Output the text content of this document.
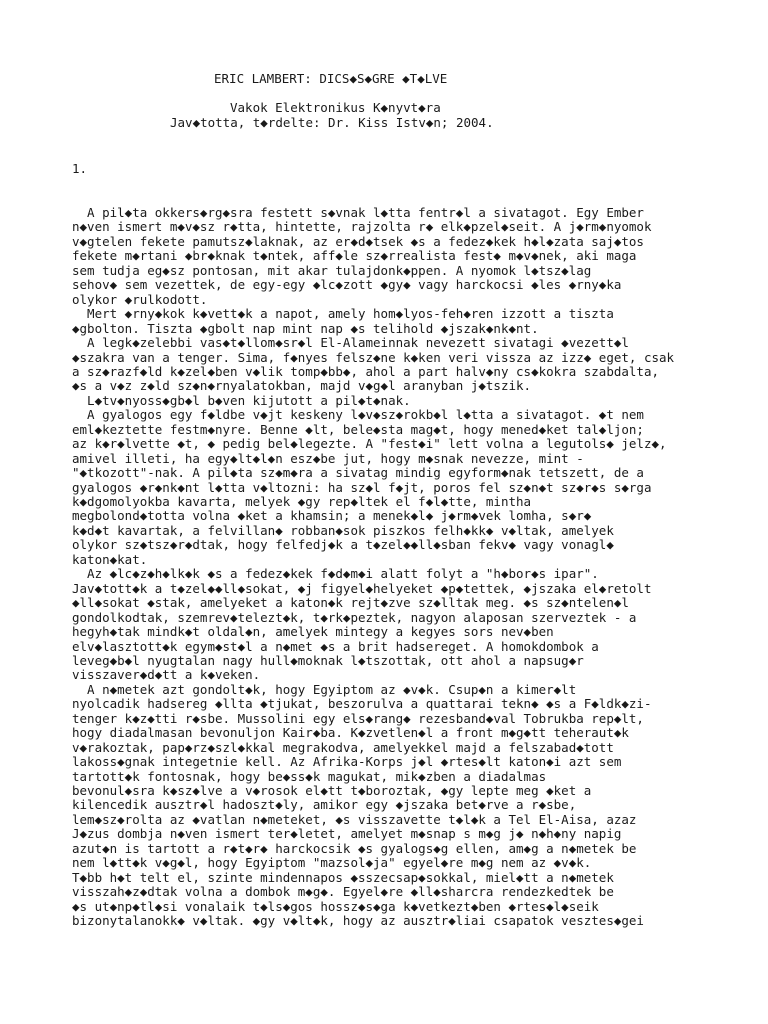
ERIC LAMBERT: DICS◆S◆GRE ◆T◆LVE
Vakok Elektronikus K◆nyvt◆ra
Jav◆totta, t◆rdelte: Dr. Kiss Istv◆n; 2004.
1.
A pil◆ta okkers◆rg◆sra festett s◆vnak l◆tta fentr◆l a sivatagot. Egy Ember
n◆ven ismert m◆v◆sz r◆tta, hintette, rajzolta r◆ elk◆pzel◆seit. A j◆rm◆nyomok
v◆gtelen fekete pamutsz◆laknak, az er◆d◆tsek ◆s a fedez◆kek h◆l◆zata saj◆tos
fekete m◆rtani ◆br◆knak t◆ntek, aff◆le sz◆rrealista fest◆ m◆v◆nek, aki maga
sem tudja eg◆sz pontosan, mit akar tulajdonk◆ppen. A nyomok l◆tsz◆lag
sehov◆ sem vezettek, de egy-egy ◆lc◆zott ◆gy◆ vagy harckocsi ◆les ◆rny◆ka
olykor ◆rulkodott.
Mert ◆rny◆kok k◆vett◆k a napot, amely hom◆lyos-feh◆ren izzott a tiszta
◆gbolton. Tiszta ◆gbolt nap mint nap ◆s telihold ◆jszak◆nk◆nt.
A legk◆zelebbi vas◆t◆llom◆sr◆l El-Alameinnak nevezett sivatagi ◆vezett◆l
◆szakra van a tenger. Sima, f◆nyes felsz◆ne k◆ken veri vissza az izz◆ eget, csak
a sz◆razf◆ld k◆zel◆ben v◆lik tomp◆bb◆, ahol a part halv◆ny cs◆kokra szabdalta,
◆s a v◆z z◆ld sz◆n◆rnyalatokban, majd v◆g◆l aranyban j◆tszik.
L◆tv◆nyoss◆gb◆l b◆ven kijutott a pil◆t◆nak.
A gyalogos egy f◆ldbe v◆jt keskeny l◆v◆sz◆rokb◆l l◆tta a sivatagot. ◆t nem
eml◆keztette festm◆nyre. Benne ◆lt, bele◆sta mag◆t, hogy mened◆ket tal◆ljon;
az k◆r◆lvette ◆t, ◆ pedig bel◆legezte. A "fest◆i" lett volna a legutols◆ jelz◆,
amivel illeti, ha egy◆lt◆l◆n esz◆be jut, hogy m◆snak nevezze, mint -
"◆tkozott"-nak. A pil◆ta sz◆m◆ra a sivatag mindig egyform◆nak tetszett, de a
gyalogos ◆r◆nk◆nt l◆tta v◆ltozni: ha sz◆l f◆jt, poros fel sz◆n◆t sz◆r◆s s◆rga
k◆dgomolyokba kavarta, melyek ◆gy rep◆ltek el f◆l◆tte, mintha
megbolond◆totta volna ◆ket a khamsin; a menek◆l◆ j◆rm◆vek lomha, s◆r◆
k◆d◆t kavartak, a felvillan◆ robban◆sok piszkos felh◆kk◆ v◆ltak, amelyek
olykor sz◆tsz◆r◆dtak, hogy felfedj◆k a t◆zel◆◆ll◆sban fekv◆ vagy vonagl◆
katon◆kat.
Az ◆lc◆z◆h◆lk◆k ◆s a fedez◆kek f◆d◆m◆i alatt folyt a "h◆bor◆s ipar".
Jav◆tott◆k a t◆zel◆◆ll◆sokat, ◆j figyel◆helyeket ◆p◆tettek, ◆jszaka el◆retolt
◆ll◆sokat ◆stak, amelyeket a katon◆k rejt◆zve sz◆lltak meg. ◆s sz◆ntelen◆l
gondolkodtak, szemrev◆telezt◆k, t◆rk◆peztek, nagyon alaposan szerveztek - a
hegyh◆tak mindk◆t oldal◆n, amelyek mintegy a kegyes sors nev◆ben
elv◆lasztott◆k egym◆st◆l a n◆met ◆s a brit hadsereget. A homokdombok a
leveg◆b◆l nyugtalan nagy hull◆moknak l◆tszottak, ott ahol a napsug◆r
visszaver◆d◆tt a k◆veken.
A n◆metek azt gondolt◆k, hogy Egyiptom az ◆v◆k. Csup◆n a kimer◆lt
nyolcadik hadsereg ◆llta ◆tjukat, beszorulva a quattarai tekn◆ ◆s a F◆ldk◆zi-
tenger k◆z◆tti r◆sbe. Mussolini egy els◆rang◆ rezesband◆val Tobrukba rep◆lt,
hogy diadalmasan bevonuljon Kair◆ba. K◆zvetlen◆l a front m◆g◆tt teheraut◆k
v◆rakoztak, pap◆rz◆szl◆kkal megrakodva, amelyekkel majd a felszabad◆tott
lakoss◆gnak integetnie kell. Az Afrika-Korps j◆l ◆rtes◆lt katon◆i azt sem
tartott◆k fontosnak, hogy be◆ss◆k magukat, mik◆zben a diadalmas
bevonul◆sra k◆sz◆lve a v◆rosok el◆tt t◆boroztak, ◆gy lepte meg ◆ket a
kilencedik ausztr◆l hadoszt◆ly, amikor egy ◆jszaka bet◆rve a r◆sbe,
lem◆sz◆rolta az ◆vatlan n◆meteket, ◆s visszavette t◆l◆k a Tel El-Aisa, azaz
J◆zus dombja n◆ven ismert ter◆letet, amelyet m◆snap s m◆g j◆ n◆h◆ny napig
azut◆n is tartott a r◆t◆r◆ harckocsik ◆s gyalogs◆g ellen, am◆g a n◆metek be
nem l◆tt◆k v◆g◆l, hogy Egyiptom "mazsol◆ja" egyel◆re m◆g nem az ◆v◆k.
T◆bb h◆t telt el, szinte mindennapos ◆sszecsap◆sokkal, miel◆tt a n◆metek
visszah◆z◆dtak volna a dombok m◆g◆. Egyel◆re ◆ll◆sharcra rendezkedtek be
◆s ut◆np◆tl◆si vonalaik t◆ls◆gos hossz◆s◆ga k◆vetkezt◆ben ◆rtes◆l◆seik
bizonytalanokk◆ v◆ltak. ◆gy v◆lt◆k, hogy az ausztr◆liai csapatok vesztes◆gei
